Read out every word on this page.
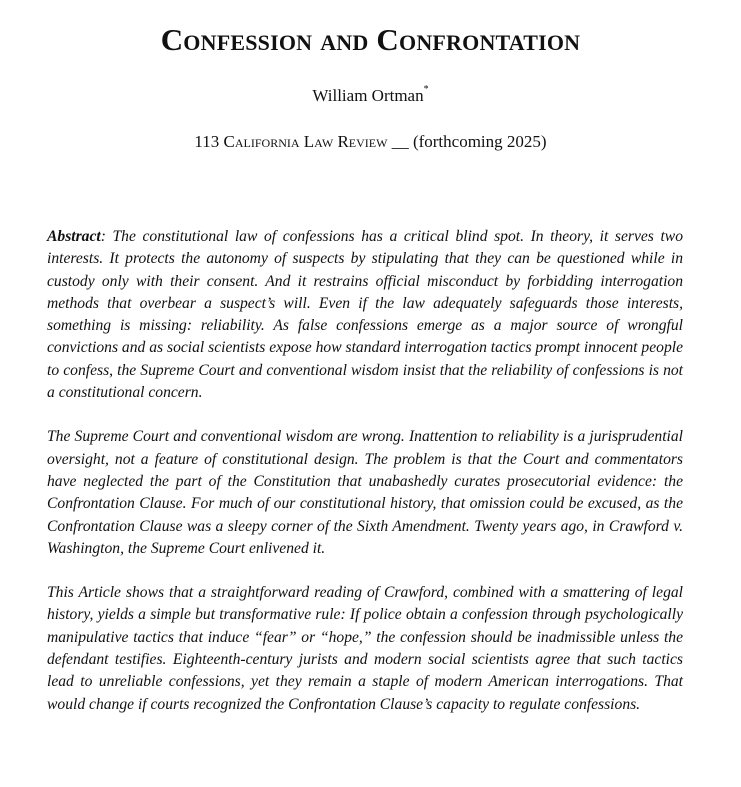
Confession and Confrontation
William Ortman*
113 California Law Review __ (forthcoming 2025)

Abstract: The constitutional law of confessions has a critical blind spot. In theory, it serves two interests. It protects the autonomy of suspects by stipulating that they can be questioned while in custody only with their consent. And it restrains official misconduct by forbidding interrogation methods that overbear a suspect’s will. Even if the law adequately safeguards those interests, something is missing: reliability. As false confessions emerge as a major source of wrongful convictions and as social scientists expose how standard interrogation tactics prompt innocent people to confess, the Supreme Court and conventional wisdom insist that the reliability of confessions is not a constitutional concern.

The Supreme Court and conventional wisdom are wrong. Inattention to reliability is a jurisprudential oversight, not a feature of constitutional design. The problem is that the Court and commentators have neglected the part of the Constitution that unabashedly curates prosecutorial evidence: the Confrontation Clause. For much of our constitutional history, that omission could be excused, as the Confrontation Clause was a sleepy corner of the Sixth Amendment. Twenty years ago, in Crawford v. Washington, the Supreme Court enlivened it.

This Article shows that a straightforward reading of Crawford, combined with a smattering of legal history, yields a simple but transformative rule: If police obtain a confession through psychologically manipulative tactics that induce “fear” or “hope,” the confession should be inadmissible unless the defendant testifies. Eighteenth-century jurists and modern social scientists agree that such tactics lead to unreliable confessions, yet they remain a staple of modern American interrogations. That would change if courts recognized the Confrontation Clause’s capacity to regulate confessions.
